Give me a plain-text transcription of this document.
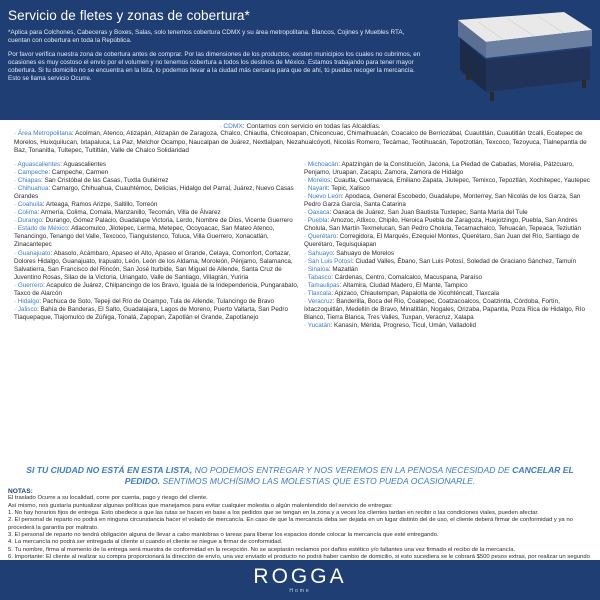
Servicio de fletes y zonas de cobertura*
*Aplica para Colchones, Cabeceras y Boxes, Salas, solo tenemos cobertura CDMX y su área metropolitana. Blancos, Cojines y Muebles RTA, cuentan con cobertura en toda la República.
Por favor verifica nuestra zona de cobertura antes de comprar. Por las dimensiones de los productos, existen municipios los cuales no cubrimos, en ocasiones es muy costoso el envío por el volumen y no tenemos cobertura a todos los destinos de México. Estamos trabajando para tener mayor cobertura. Si tu domicilio no se encuentra en la lista, lo podemos llevar a la ciudad más cercana para que de ahí, tú puedas recoger la mercancía. Esto se llama servicio Ocurre.
· CDMX: Contamos con servicio en todas las Alcaldías.
· Área Metropolitana: Acolman, Atenco, Atizapán, Atizapán de Zaragoza, Chalco, Chiautla, Chicoloapan, Chiconcuac, Chimalhuacán, Coacalco de Berriozábal, Cuautitlán, Cuautitlán Izcalli, Ecatepec de Morelos, Huixquilucan, Ixtapaluca, La Paz, Melchor Ocampo, Naucalpan de Juárez, Nextlalpan, Nezahualcóyotl, Nicolás Romero, Tecámac, Teotihuacán, Tepotzotlán, Texcoco, Tezoyuca, Tlalnepantla de Baz, Tonanitla, Tultepec, Tultitlán, Valle de Chalco Solidaridad
· Aguascalientes: Aguascalientes
· Campeche: Campeche, Carmen
· Chiapas: San Cristóbal de las Casas, Tuxtla Gutiérrez
· Chihuahua: Camargo, Chihuahua, Cuauhtémoc, Delicias, Hidalgo del Parral, Juárez, Nuevo Casas Grandes
· Coahuila: Arteaga, Ramos Arizpe, Saltillo, Torreón
· Colima: Armería, Colima, Comala, Manzanillo, Tecomán, Villa de Álvarez
· Durango: Durango, Gómez Palacio, Guadalupe Victoria, Lerdo, Nombre de Dios, Vicente Guerrero
· Estado de México: Atlacomulco, Jilotepec, Lerma, Metepec, Ocoyoacac, San Mateo Atenco, Tenancingo, Tenango del Valle, Texcoco, Tianguistenco, Toluca, Villa Guerrero, Xonacatlán, Zinacantepec
· Guanajuato: Abasolo, Acámbaro, Apaseo el Alto, Apaseo el Grande, Celaya, Comonfort, Cortazar, Dolores Hidalgo, Guanajuato, Irapuato, León, León de los Aldama, Moroleón, Pénjamo, Salamanca, Salvatierra, San Francisco del Rincón, San José Iturbide, San Miguel de Allende, Santa Cruz de Juventino Rosas, Silao de la Victoria, Uriangato, Valle de Santiago, Villagrán, Yuriria
· Guerrero: Acapulco de Juárez, Chilpancingo de los Bravo, Iguala de la Independencia, Pungarabato, Taxco de Alarcón
· Hidalgo: Pachuca de Soto, Tepeji del Río de Ocampo, Tula de Allende, Tulancingo de Bravo
· Jalisco: Bahía de Banderas, El Salto, Guadalajara, Lagos de Moreno, Puerto Vallarta, San Pedro Tlaquepaque, Tlajomulco de Zúñiga, Tonalá, Zapopan, Zapotlán el Grande, Zapotlanejo
· Michoacán: Apatzingán de la Constitución, Jacona, La Piedad de Cabadas, Morelia, Pátzcuaro, Penjamo, Uruapan, Zacapu, Zamora, Zamora de Hidalgo
· Morelos: Cuautla, Cuernavaca, Emiliano Zapata, Jiutepec, Temixco, Tepoztlán, Xochitepec, Yautepec
· Nayarit: Tepic, Xalisco
· Nuevo León: Apodaca, General Escobedo, Guadalupe, Monterrey, San Nicolás de los Garza, San Pedro Garza García, Santa Catarina
· Oaxaca: Oaxaca de Juárez, San Juan Bautista Tuxtepec, Santa María del Tule
· Puebla: Amozoc, Atlixco, Chipilo, Heroica Puebla de Zaragoza, Huejotzingo, Puebla, San Andrés Cholula, San Martín Texmelucan, San Pedro Cholula, Tecamachalco, Tehuacán, Tepeaca, Teziutlán
· Querétaro: Corregidora, El Marqués, Ezequiel Montes, Querétaro, San Juan del Río, Santiago de Querétaro, Tequisquiapan
· Sahuayo: Sahuayo de Morelos
· San Luis Potosí: Ciudad Valles, Ébano, San Luis Potosí, Soledad de Graciano Sánchez, Tamuín
· Sinaloa: Mazatlán
· Tabasco: Cárdenas, Centro, Comalcalco, Macuspana, Paraíso
· Tamaulipas: Altamira, Ciudad Madero, El Mante, Tampico
· Tlaxcala: Apizaco, Chiautempan, Papalotla de Xicohténcatl, Tlaxcala
· Veracruz: Banderilla, Boca del Río, Coatepec, Coatzacoalcos, Coatzintla, Córdoba, Fortín, Ixtaczoquitlán, Medellín de Bravo, Minatitlán, Nogales, Orizaba, Papantla, Poza Rica de Hidalgo, Río Blanco, Tierra Blanca, Tres Valles, Tuxpan, Veracruz, Xalapa
· Yucatán: Kanasín, Mérida, Progreso, Ticul, Umán, Valladolid
SI TU CIUDAD NO ESTÁ EN ESTA LISTA, NO PODEMOS ENTREGAR Y NOS VEREMOS EN LA PENOSA NECESIDAD DE CANCELAR EL PEDIDO. SENTIMOS MUCHÍSIMO LAS MOLESTIAS QUE ESTO PUEDA OCASIONARLE.
NOTAS:
El traslado Ocurre a su localidad, corre por cuenta, pago y riesgo del cliente.
Así mismo, nos gustaría puntualizar algunas políticas que manejamos para evitar cualquier molestia o algún malentendido del servicio de entregas:
1. No hay horarios fijos de entrega. Esto obedece a que las rutas se hacen en base a los pedidos que se tengan en la zona y a veces los clientes tardan en recibir o las condiciones viales, pueden afectar.
2. El personal de reparto no podrá en ninguna circunstancia hacer el volado de mercancía. En caso de que la mercancía deba ser dejada en un lugar distinto del de uso, el cliente deberá firmar de conformidad y ya no procederá la garantía por maltrato.
3. El personal de reparto no tendrá obligación alguna de llevar a cabo maniobras o tareas para liberar los espacios donde colocar la mercancía que esté entregando.
4. La mercancía no podrá ser entregada al cliente si cuando el cliente se niegue a firmar de conformidad.
5. Tu nombre, firma al momento de la entrega será muestra de conformidad en la recepción. No se aceptarán reclamos por daños estético y/o faltantes una vez firmado el recibo de la mercancía.
6. Importante: El cliente al realizar su compra proporcionará la dirección de envío, una vez enviado el producto no podrá haber cambio de domicilio, si esto sucediera se le cobrará $500 pesos extras, por realizar un segundo
ROGGA
Home
